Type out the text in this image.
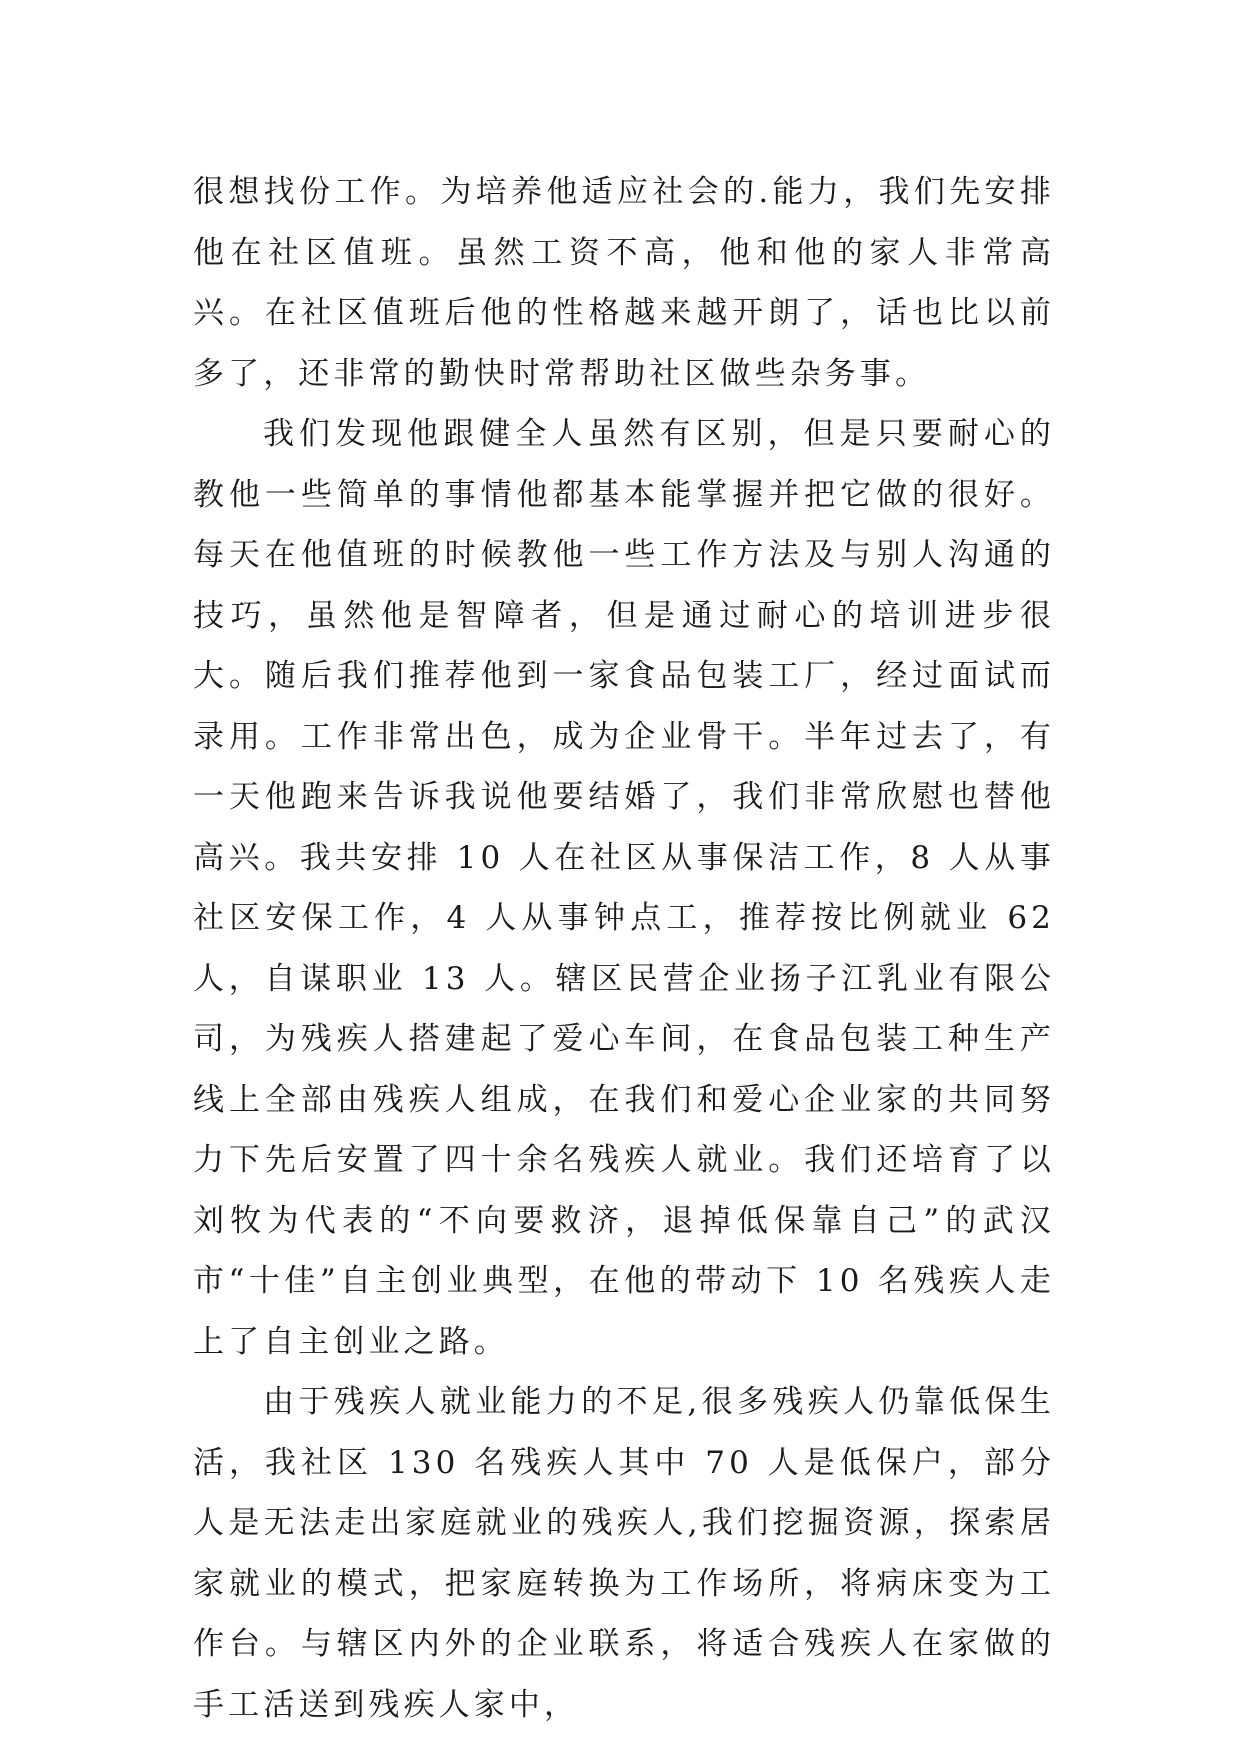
很想找份工作。为培养他适应社会的.能力，我们先安排他在社区值班。虽然工资不高，他和他的家人非常高兴。在社区值班后他的性格越来越开朗了，话也比以前多了，还非常的勤快时常帮助社区做些杂务事。

我们发现他跟健全人虽然有区别，但是只要耐心的教他一些简单的事情他都基本能掌握并把它做的很好。每天在他值班的时候教他一些工作方法及与别人沟通的技巧，虽然他是智障者，但是通过耐心的培训进步很大。随后我们推荐他到一家食品包装工厂，经过面试而录用。工作非常出色，成为企业骨干。半年过去了，有一天他跑来告诉我说他要结婚了，我们非常欣慰也替他高兴。我共安排 10 人在社区从事保洁工作，8 人从事社区安保工作，4 人从事钟点工，推荐按比例就业 62 人，自谋职业 13 人。辖区民营企业扬子江乳业有限公司，为残疾人搭建起了爱心车间，在食品包装工种生产线上全部由残疾人组成，在我们和爱心企业家的共同努力下先后安置了四十余名残疾人就业。我们还培育了以刘牧为代表的“不向要救济，退掉低保靠自己”的武汉市“十佳”自主创业典型，在他的带动下 10 名残疾人走上了自主创业之路。

由于残疾人就业能力的不足,很多残疾人仍靠低保生活，我社区 130 名残疾人其中 70 人是低保户，部分人是无法走出家庭就业的残疾人,我们挖掘资源，探索居家就业的模式，把家庭转换为工作场所，将病床变为工作台。与辖区内外的企业联系，将适合残疾人在家做的手工活送到残疾人家中，
